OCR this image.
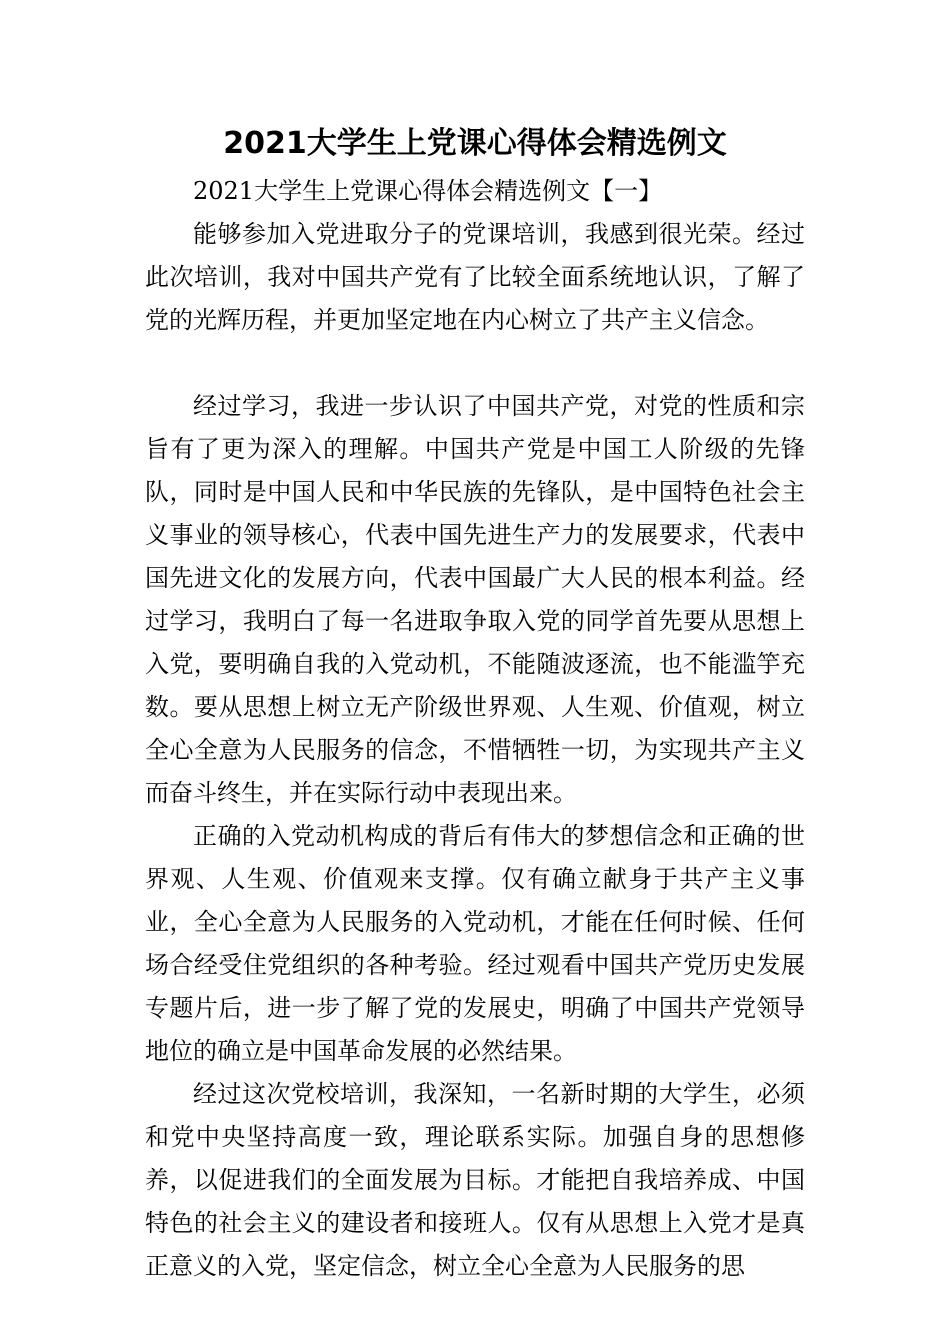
2021大学生上党课心得体会精选例文

2021大学生上党课心得体会精选例文【一】

能够参加入党进取分子的党课培训，我感到很光荣。经过此次培训，我对中国共产党有了比较全面系统地认识，了解了党的光辉历程，并更加坚定地在内心树立了共产主义信念。

经过学习，我进一步认识了中国共产党，对党的性质和宗旨有了更为深入的理解。中国共产党是中国工人阶级的先锋队，同时是中国人民和中华民族的先锋队，是中国特色社会主义事业的领导核心，代表中国先进生产力的发展要求，代表中国先进文化的发展方向，代表中国最广大人民的根本利益。经过学习，我明白了每一名进取争取入党的同学首先要从思想上入党，要明确自我的入党动机，不能随波逐流，也不能滥竽充数。要从思想上树立无产阶级世界观、人生观、价值观，树立全心全意为人民服务的信念，不惜牺牲一切，为实现共产主义而奋斗终生，并在实际行动中表现出来。

正确的入党动机构成的背后有伟大的梦想信念和正确的世界观、人生观、价值观来支撑。仅有确立献身于共产主义事业，全心全意为人民服务的入党动机，才能在任何时候、任何场合经受住党组织的各种考验。经过观看中国共产党历史发展专题片后，进一步了解了党的发展史，明确了中国共产党领导地位的确立是中国革命发展的必然结果。

经过这次党校培训，我深知，一名新时期的大学生，必须和党中央坚持高度一致，理论联系实际。加强自身的思想修养，以促进我们的全面发展为目标。才能把自我培养成、中国特色的社会主义的建设者和接班人。仅有从思想上入党才是真正意义的入党，坚定信念，树立全心全意为人民服务的思
